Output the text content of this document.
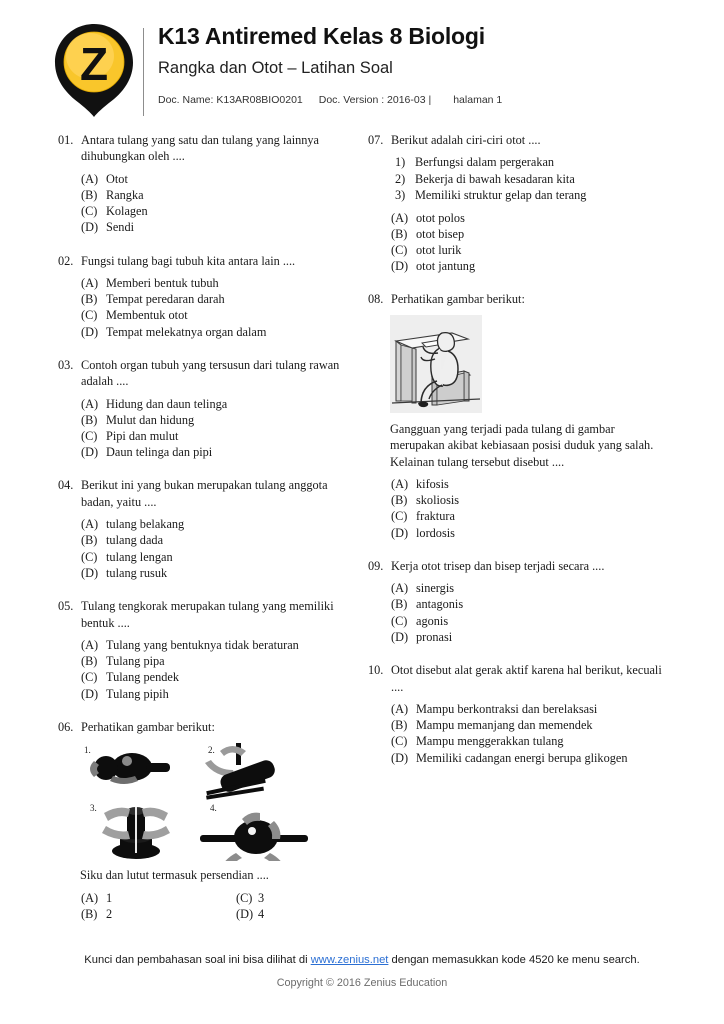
Z
K13 Antiremed Kelas 8 Biologi
Rangka dan Otot – Latihan Soal
Doc. Name: K13AR08BIO0201 Doc. Version : 2016-03 | halaman 1
01. Antara tulang yang satu dan tulang yang lainnya dihubungkan oleh ....
(A) Otot
(B) Rangka
(C) Kolagen
(D) Sendi
02. Fungsi tulang bagi tubuh kita antara lain ....
(A) Memberi bentuk tubuh
(B) Tempat peredaran darah
(C) Membentuk otot
(D) Tempat melekatnya organ dalam
03. Contoh organ tubuh yang tersusun dari tulang rawan adalah ....
(A) Hidung dan daun telinga
(B) Mulut dan hidung
(C) Pipi dan mulut
(D) Daun telinga dan pipi
04. Berikut ini yang bukan merupakan tulang anggota badan, yaitu ....
(A) tulang belakang
(B) tulang dada
(C) tulang lengan
(D) tulang rusuk
05. Tulang tengkorak merupakan tulang yang memiliki bentuk ....
(A) Tulang yang bentuknya tidak beraturan
(B) Tulang pipa
(C) Tulang pendek
(D) Tulang pipih
06. Perhatikan gambar berikut:
1.	2.
3.	4.
Siku dan lutut termasuk persendian ....
(A) 1
(B) 2
(C) 3
(D) 4
07. Berikut adalah ciri-ciri otot ....
1) Berfungsi dalam pergerakan
2) Bekerja di bawah kesadaran kita
3) Memiliki struktur gelap dan terang
(A) otot polos
(B) otot bisep
(C) otot lurik
(D) otot jantung
08. Perhatikan gambar berikut:
Gangguan yang terjadi pada tulang di gambar merupakan akibat kebiasaan posisi duduk yang salah. Kelainan tulang tersebut disebut ....
(A) kifosis
(B) skoliosis
(C) fraktura
(D) lordosis
09. Kerja otot trisep dan bisep terjadi secara ....
(A) sinergis
(B) antagonis
(C) agonis
(D) pronasi
10. Otot disebut alat gerak aktif karena hal berikut, kecuali ....
(A) Mampu berkontraksi dan berelaksasi
(B) Mampu memanjang dan memendek
(C) Mampu menggerakkan tulang
(D) Memiliki cadangan energi berupa glikogen
Kunci dan pembahasan soal ini bisa dilihat di www.zenius.net dengan memasukkan kode 4520 ke menu search.
Copyright © 2016 Zenius Education
